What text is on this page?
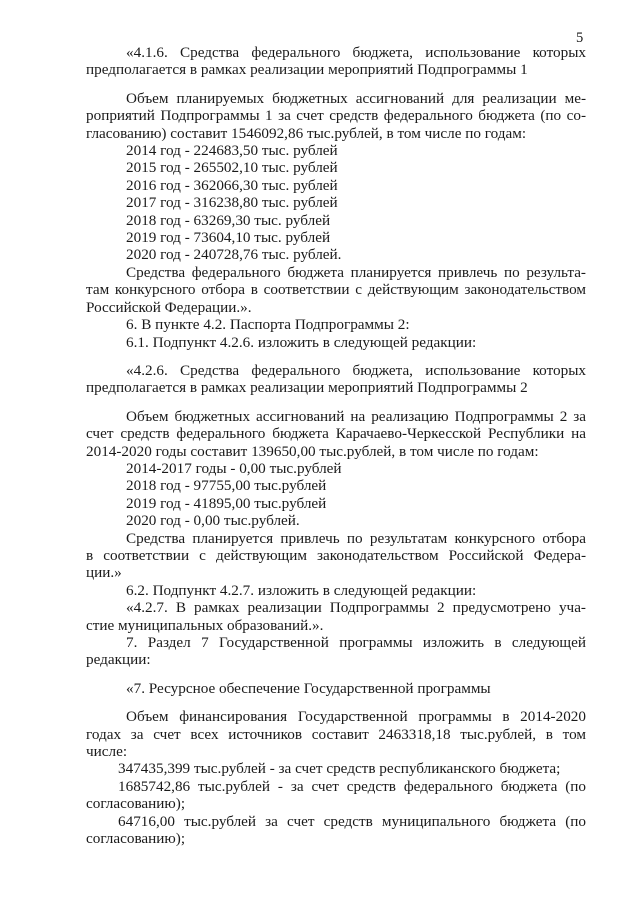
5

«4.1.6. Средства федерального бюджета, использование которых

предполагается в рамках реализации мероприятий Подпрограммы 1

Объем планируемых бюджетных ассигнований для реализации ме-

роприятий Подпрограммы 1 за счет средств федерального бюджета (по со-

гласованию) составит 1546092,86 тыс.рублей, в том числе по годам:

2014 год - 224683,50 тыс. рублей

2015 год - 265502,10 тыс. рублей

2016 год - 362066,30 тыс. рублей

2017 год - 316238,80 тыс. рублей

2018 год - 63269,30 тыс. рублей

2019 год - 73604,10 тыс. рублей

2020 год - 240728,76 тыс. рублей.

Средства федерального бюджета планируется привлечь по результа-

там конкурсного отбора в соответствии с действующим законодательством

Российской Федерации.».

6. В пункте 4.2. Паспорта Подпрограммы 2:

6.1. Подпункт 4.2.6. изложить в следующей редакции:

«4.2.6. Средства федерального бюджета, использование которых

предполагается в рамках реализации мероприятий Подпрограммы 2

Объем бюджетных ассигнований на реализацию Подпрограммы 2 за

счет средств федерального бюджета Карачаево-Черкесской Республики на

2014-2020 годы составит 139650,00 тыс.рублей, в том числе по годам:

2014-2017 годы - 0,00 тыс.рублей

2018 год - 97755,00 тыс.рублей

2019 год - 41895,00 тыс.рублей

2020 год - 0,00 тыс.рублей.

Средства планируется привлечь по результатам конкурсного отбора

в соответствии с действующим законодательством Российской Федера-

ции.»

6.2. Подпункт 4.2.7. изложить в следующей редакции:

«4.2.7. В рамках реализации Подпрограммы 2 предусмотрено уча-

стие муниципальных образований.».

7. Раздел 7 Государственной программы изложить в следующей

редакции:

«7. Ресурсное обеспечение Государственной программы

Объем финансирования Государственной программы в 2014-2020

годах за счет всех источников составит 2463318,18 тыс.рублей, в том

числе:

347435,399 тыс.рублей - за счет средств республиканского бюджета;

1685742,86 тыс.рублей - за счет средств федерального бюджета (по

согласованию);

64716,00 тыс.рублей за счет средств муниципального бюджета (по

согласованию);
